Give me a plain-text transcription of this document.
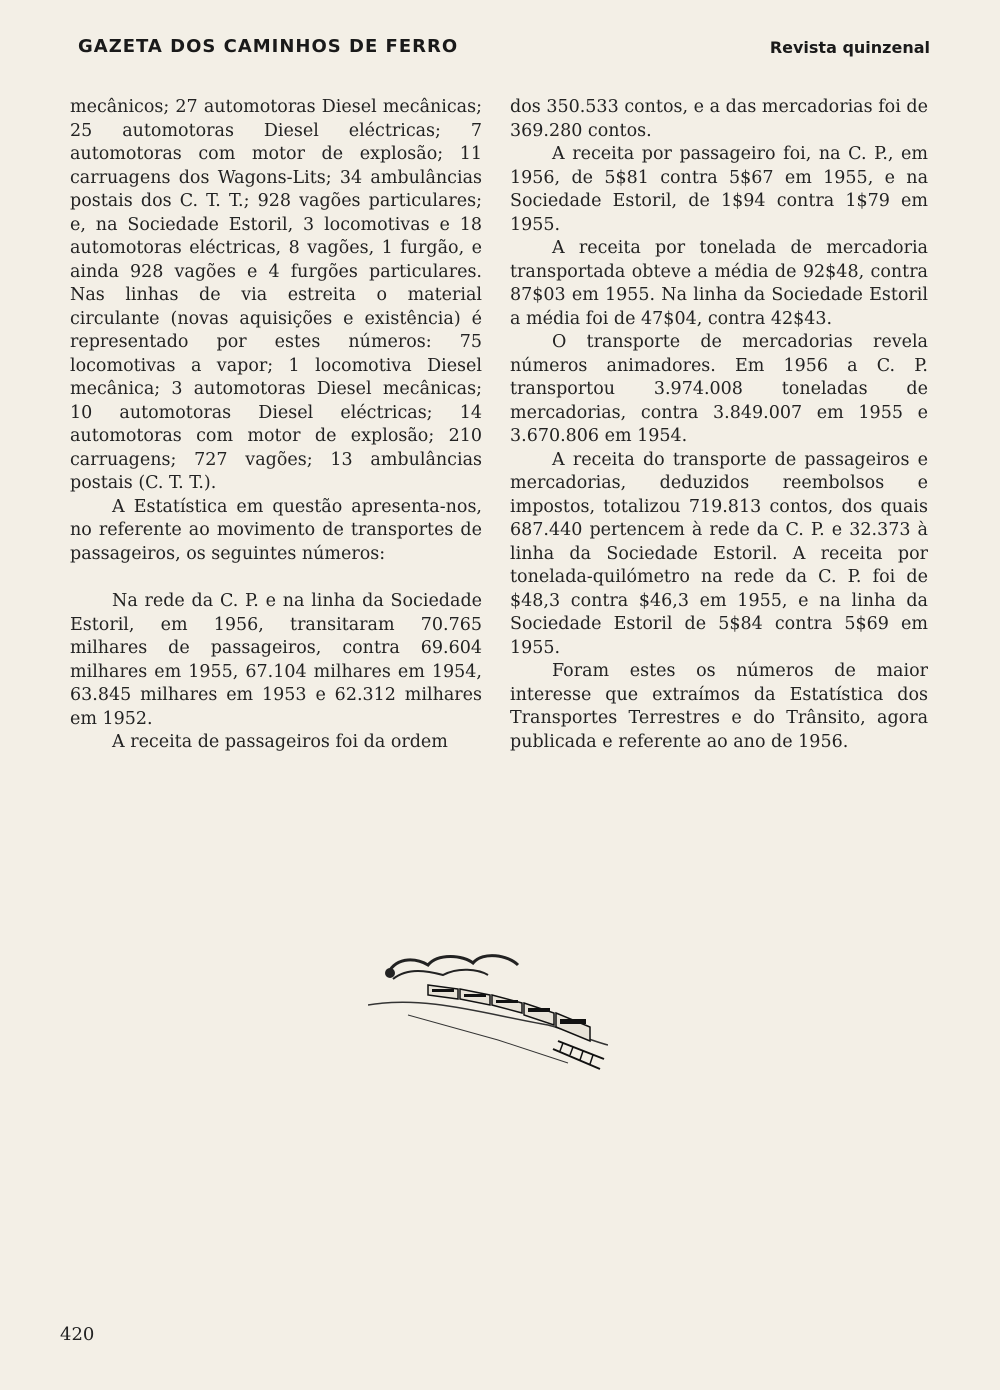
GAZETA DOS CAMINHOS DE FERRO	Revista quinzenal

mecânicos; 27 automotoras Diesel mecânicas; 25 automotoras Diesel eléctricas; 7 automotoras com motor de explosão; 11 carruagens dos Wagons-Lits; 34 ambulâncias postais dos C. T. T.; 928 vagões particulares; e, na Sociedade Estoril, 3 locomotivas e 18 automotoras eléctricas, 8 vagões, 1 furgão, e ainda 928 vagões e 4 furgões particulares. Nas linhas de via estreita o material circulante (novas aquisições e existência) é representado por estes números: 75 locomotivas a vapor; 1 locomotiva Diesel mecânica; 3 automotoras Diesel mecânicas; 10 automotoras Diesel eléctricas; 14 automotoras com motor de explosão; 210 carruagens; 727 vagões; 13 ambulâncias postais (C. T. T.).

A Estatística em questão apresenta-nos, no referente ao movimento de transportes de passageiros, os seguintes números:

Na rede da C. P. e na linha da Sociedade Estoril, em 1956, transitaram 70.765 milhares de passageiros, contra 69.604 milhares em 1955, 67.104 milhares em 1954, 63.845 milhares em 1953 e 62.312 milhares em 1952.

A receita de passageiros foi da ordem

dos 350.533 contos, e a das mercadorias foi de 369.280 contos.

A receita por passageiro foi, na C. P., em 1956, de 5$81 contra 5$67 em 1955, e na Sociedade Estoril, de 1$94 contra 1$79 em 1955.

A receita por tonelada de mercadoria transportada obteve a média de 92$48, contra 87$03 em 1955. Na linha da Sociedade Estoril a média foi de 47$04, contra 42$43.

O transporte de mercadorias revela números animadores. Em 1956 a C. P. transportou 3.974.008 toneladas de mercadorias, contra 3.849.007 em 1955 e 3.670.806 em 1954.

A receita do transporte de passageiros e mercadorias, deduzidos reembolsos e impostos, totalizou 719.813 contos, dos quais 687.440 pertencem à rede da C. P. e 32.373 à linha da Sociedade Estoril. A receita por tonelada-quilómetro na rede da C. P. foi de $48,3 contra $46,3 em 1955, e na linha da Sociedade Estoril de 5$84 contra 5$69 em 1955.

Foram estes os números de maior interesse que extraímos da Estatística dos Transportes Terrestres e do Trânsito, agora publicada e referente ao ano de 1956.

420
